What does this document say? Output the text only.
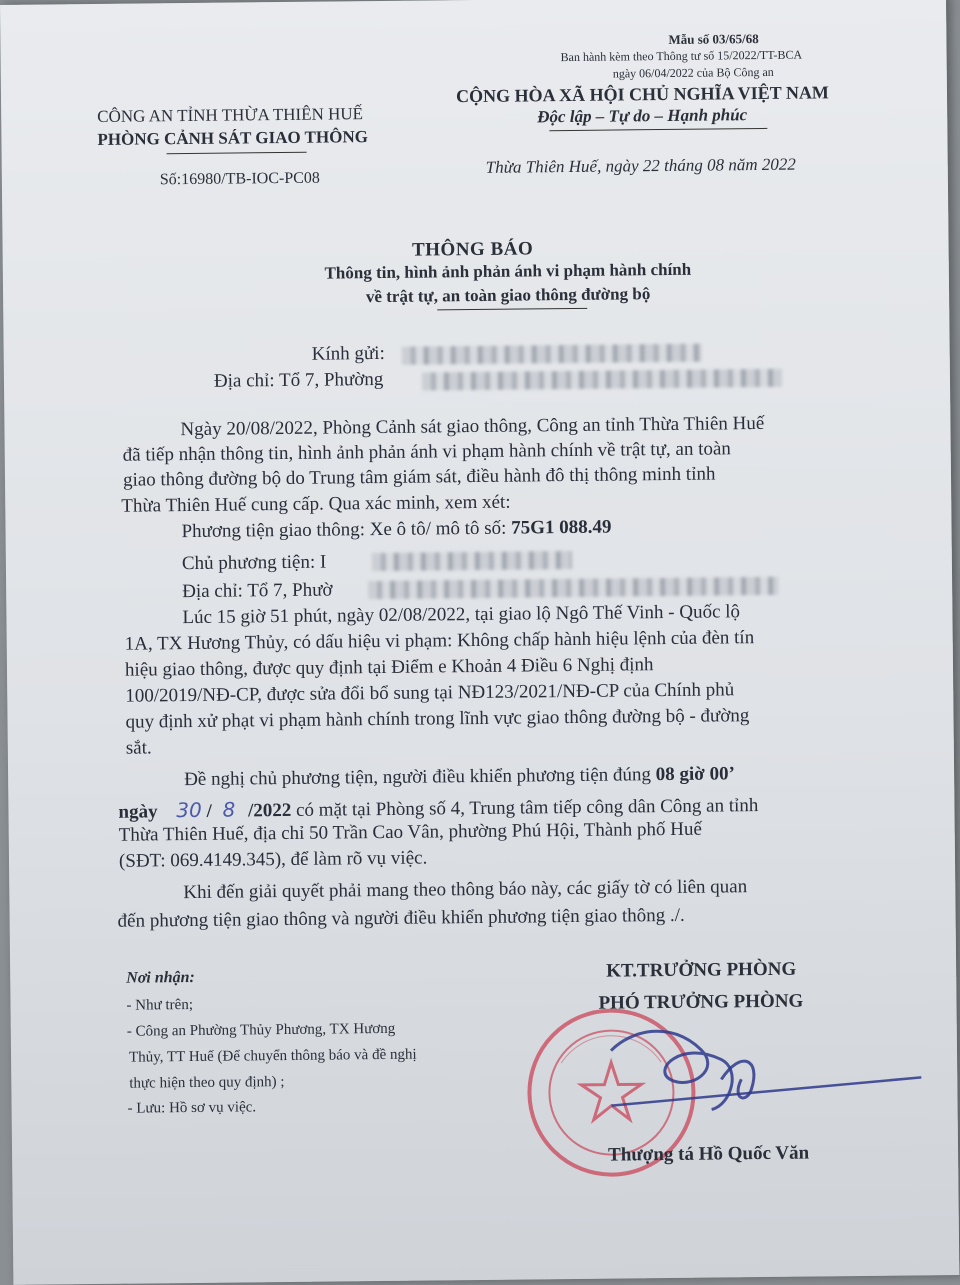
Mẫu số 03/65/68
Ban hành kèm theo Thông tư số 15/2022/TT-BCA
ngày 06/04/2022 của Bộ Công an
CÔNG AN TỈNH THỪA THIÊN HUẾ
PHÒNG CẢNH SÁT GIAO THÔNG
CỘNG HÒA XÃ HỘI CHỦ NGHĨA VIỆT NAM
Độc lập – Tự do – Hạnh phúc
Số:16980/TB-IOC-PC08
Thừa Thiên Huế, ngày 22 tháng 08 năm 2022
THÔNG BÁO
Thông tin, hình ảnh phản ánh vi phạm hành chính
về trật tự, an toàn giao thông đường bộ
Kính gửi:
Địa chỉ: Tổ 7, Phường
Ngày 20/08/2022, Phòng Cảnh sát giao thông, Công an tỉnh Thừa Thiên Huế
đã tiếp nhận thông tin, hình ảnh phản ánh vi phạm hành chính về trật tự, an toàn
giao thông đường bộ do Trung tâm giám sát, điều hành đô thị thông minh tỉnh
Thừa Thiên Huế cung cấp. Qua xác minh, xem xét:
Phương tiện giao thông: Xe ô tô/ mô tô số: 75G1 088.49
Chủ phương tiện: I
Địa chỉ: Tổ 7, Phườ
Lúc 15 giờ 51 phút, ngày 02/08/2022, tại giao lộ Ngô Thế Vinh - Quốc lộ
1A, TX Hương Thủy, có dấu hiệu vi phạm: Không chấp hành hiệu lệnh của đèn tín
hiệu giao thông, được quy định tại Điểm e Khoản 4 Điều 6 Nghị định
100/2019/NĐ-CP, được sửa đổi bổ sung tại NĐ123/2021/NĐ-CP của Chính phủ
quy định xử phạt vi phạm hành chính trong lĩnh vực giao thông đường bộ - đường
sắt.
Đề nghị chủ phương tiện, người điều khiển phương tiện đúng 08 giờ 00’
ngày 30 / 8 /2022 có mặt tại Phòng số 4, Trung tâm tiếp công dân Công an tỉnh
Thừa Thiên Huế, địa chỉ 50 Trần Cao Vân, phường Phú Hội, Thành phố Huế
(SĐT: 069.4149.345), để làm rõ vụ việc.
Khi đến giải quyết phải mang theo thông báo này, các giấy tờ có liên quan
đến phương tiện giao thông và người điều khiển phương tiện giao thông ./.
Nơi nhận:
- Như trên;
- Công an Phường Thủy Phương, TX Hương
Thủy, TT Huế (Để chuyển thông báo và đề nghị
thực hiện theo quy định) ;
- Lưu: Hồ sơ vụ việc.
KT.TRƯỞNG PHÒNG
PHÓ TRƯỞNG PHÒNG
Thượng tá Hồ Quốc Văn
